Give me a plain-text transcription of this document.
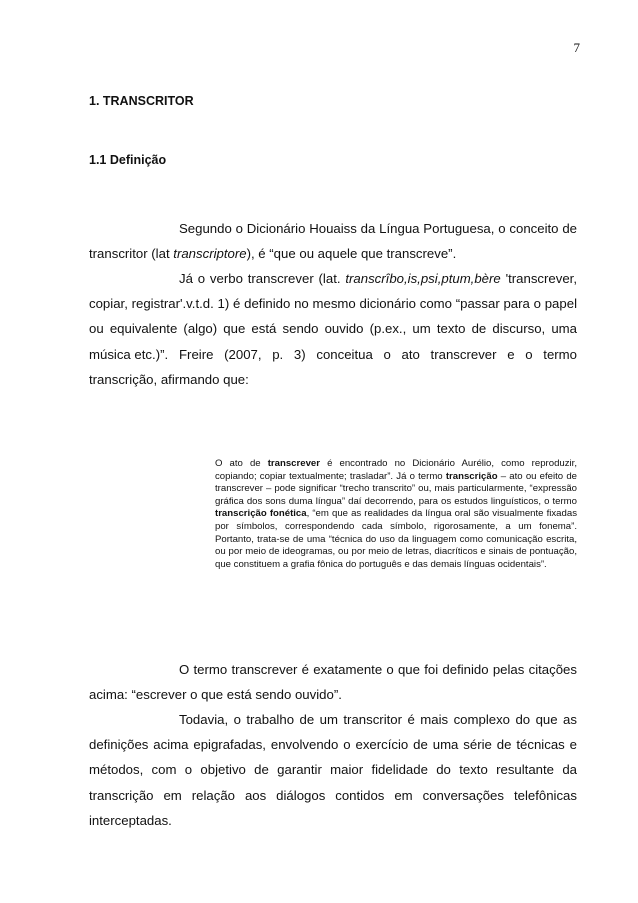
7
1. TRANSCRITOR
1.1 Definição

Segundo o Dicionário Houaiss da Língua Portuguesa, o conceito de transcritor (lat transcriptore), é “que ou aquele que transcreve”.

Já o verbo transcrever (lat. transcrîbo,is,psi,ptum,bère 'transcrever, copiar, registrar'.v.t.d. 1) é definido no mesmo dicionário como “passar para o papel ou equivalente (algo) que está sendo ouvido (p.ex., um texto de discurso, uma música etc.)”. Freire (2007, p. 3) conceitua o ato transcrever e o termo transcrição, afirmando que:

O ato de transcrever é encontrado no Dicionário Aurélio, como reproduzir, copiando; copiar textualmente; trasladar”. Já o termo transcrição – ato ou efeito de transcrever – pode significar “trecho transcrito” ou, mais particularmente, “expressão gráfica dos sons duma língua” daí decorrendo, para os estudos linguísticos, o termo transcrição fonética, “em que as realidades da língua oral são visualmente fixadas por símbolos, correspondendo cada símbolo, rigorosamente, a um fonema”. Portanto, trata-se de uma “técnica do uso da linguagem como comunicação escrita, ou por meio de ideogramas, ou por meio de letras, diacríticos e sinais de pontuação, que constituem a grafia fônica do português e das demais línguas ocidentais”.

O termo transcrever é exatamente o que foi definido pelas citações acima: “escrever o que está sendo ouvido”.

Todavia, o trabalho de um transcritor é mais complexo do que as definições acima epigrafadas, envolvendo o exercício de uma série de técnicas e métodos, com o objetivo de garantir maior fidelidade do texto resultante da transcrição em relação aos diálogos contidos em conversações telefônicas interceptadas.
